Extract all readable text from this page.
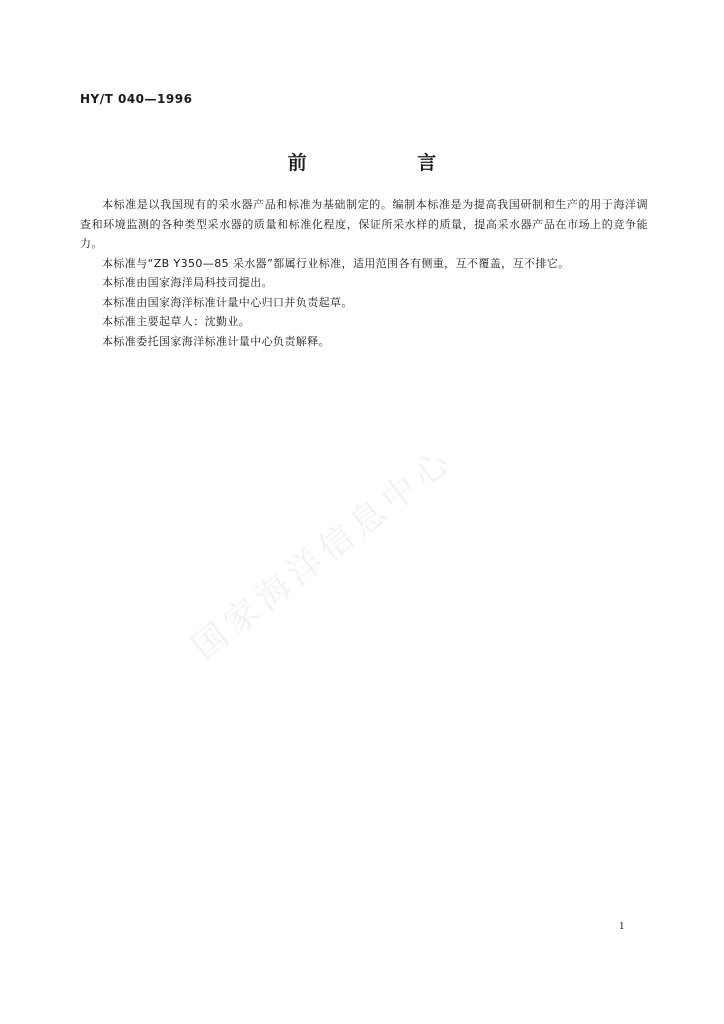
HY/T 040—1996
前 言

本标准是以我国现有的采水器产品和标准为基础制定的。编制本标准是为提高我国研制和生产的用于海洋调查和环境监测的各种类型采水器的质量和标准化程度，保证所采水样的质量，提高采水器产品在市场上的竞争能力。

本标准与“ZB Y350—85 采水器”都属行业标准，适用范围各有侧重，互不覆盖，互不排它。

本标准由国家海洋局科技司提出。

本标准由国家海洋标准计量中心归口并负责起草。

本标准主要起草人：沈勤业。

本标准委托国家海洋标准计量中心负责解释。

国家海洋信息中心
1
